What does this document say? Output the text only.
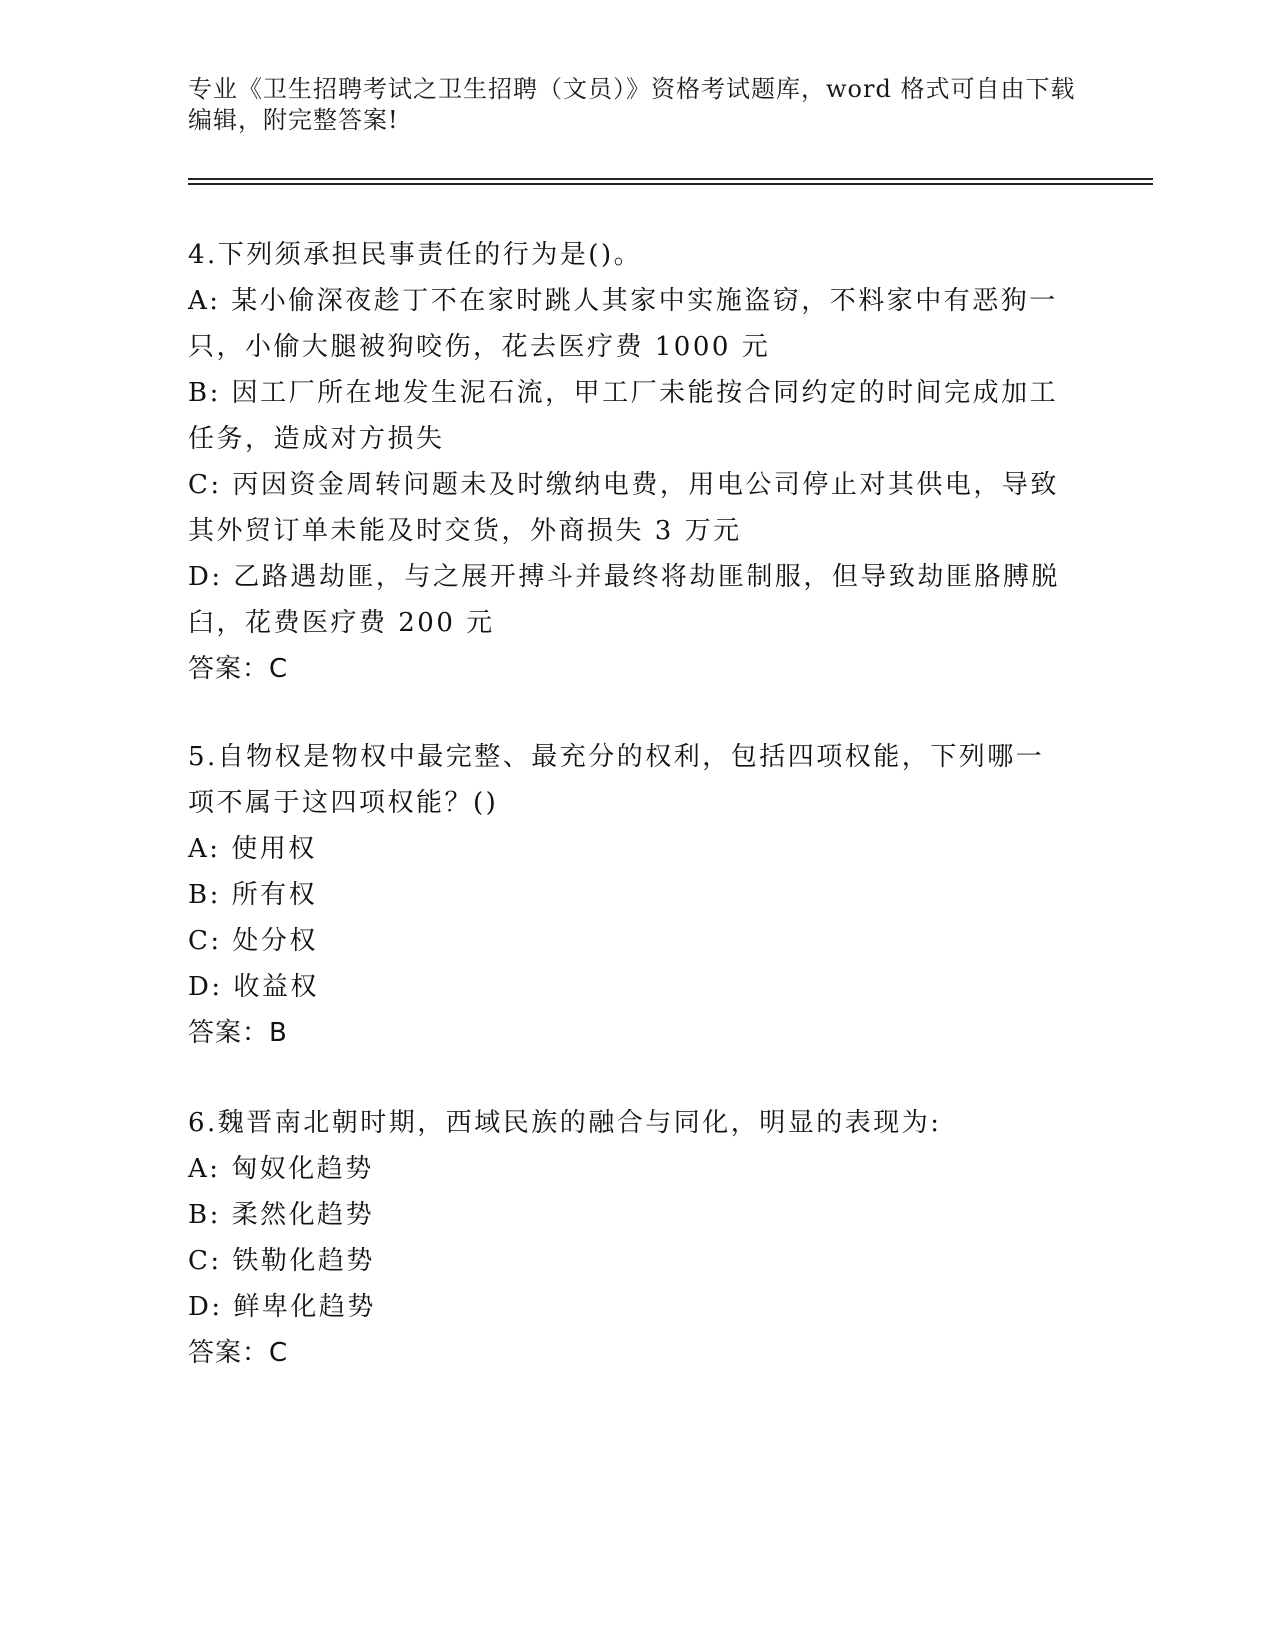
专业《卫生招聘考试之卫生招聘（文员）》资格考试题库，word 格式可自由下载
编辑，附完整答案!
4.下列须承担民事责任的行为是()。
A: 某小偷深夜趁丁不在家时跳人其家中实施盗窃，不料家中有恶狗一
只，小偷大腿被狗咬伤，花去医疗费 1000 元
B: 因工厂所在地发生泥石流，甲工厂未能按合同约定的时间完成加工
任务，造成对方损失
C: 丙因资金周转问题未及时缴纳电费，用电公司停止对其供电，导致
其外贸订单未能及时交货，外商损失 3 万元
D: 乙路遇劫匪，与之展开搏斗并最终将劫匪制服，但导致劫匪胳膊脱
臼，花费医疗费 200 元
答案：C
5.自物权是物权中最完整、最充分的权利，包括四项权能，下列哪一
项不属于这四项权能？()
A: 使用权
B: 所有权
C: 处分权
D: 收益权
答案：B
6.魏晋南北朝时期，西域民族的融合与同化，明显的表现为:
A: 匈奴化趋势
B: 柔然化趋势
C: 铁勒化趋势
D: 鲜卑化趋势
答案：C
